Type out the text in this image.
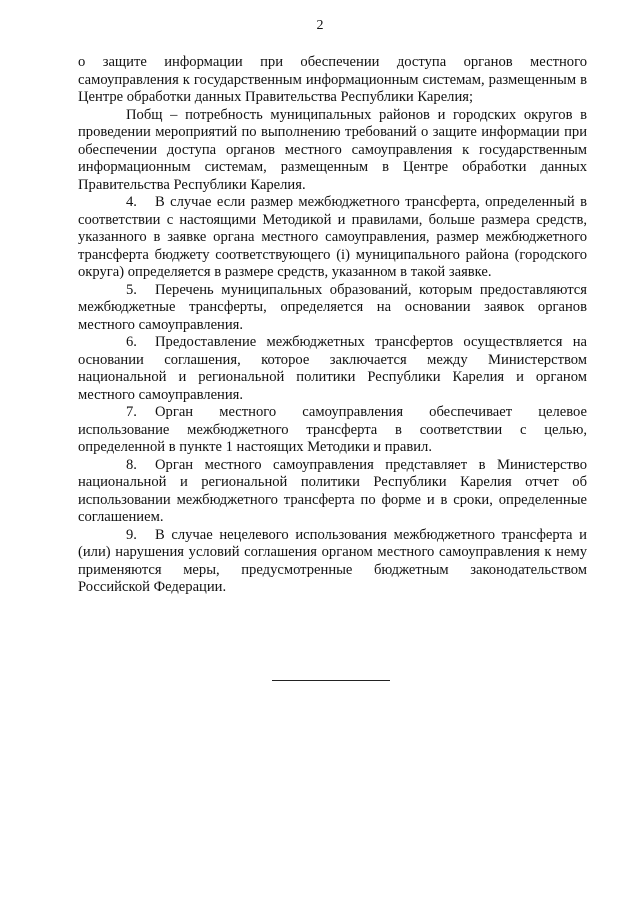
2

о защите информации при обеспечении доступа органов местного самоуправления к государственным информационным системам, размещенным в Центре обработки данных Правительства Республики Карелия;

Побщ – потребность муниципальных районов и городских округов в проведении мероприятий по выполнению требований о защите информации при обеспечении доступа органов местного самоуправления к государственным информационным системам, размещенным в Центре обработки данных Правительства Республики Карелия.

4. В случае если размер межбюджетного трансферта, определенный в соответствии с настоящими Методикой и правилами, больше размера средств, указанного в заявке органа местного самоуправления, размер межбюджетного трансферта бюджету соответствующего (i) муниципального района (городского округа) определяется в размере средств, указанном в такой заявке.

5. Перечень муниципальных образований, которым предоставляются межбюджетные трансферты, определяется на основании заявок органов местного самоуправления.

6. Предоставление межбюджетных трансфертов осуществляется на основании соглашения, которое заключается между Министерством национальной и региональной политики Республики Карелия и органом местного самоуправления.

7. Орган местного самоуправления обеспечивает целевое использование межбюджетного трансферта в соответствии с целью, определенной в пункте 1 настоящих Методики и правил.

8. Орган местного самоуправления представляет в Министерство национальной и региональной политики Республики Карелия отчет об использовании межбюджетного трансферта по форме и в сроки, определенные соглашением.

9. В случае нецелевого использования межбюджетного трансферта и (или) нарушения условий соглашения органом местного самоуправления к нему применяются меры, предусмотренные бюджетным законодательством Российской Федерации.
